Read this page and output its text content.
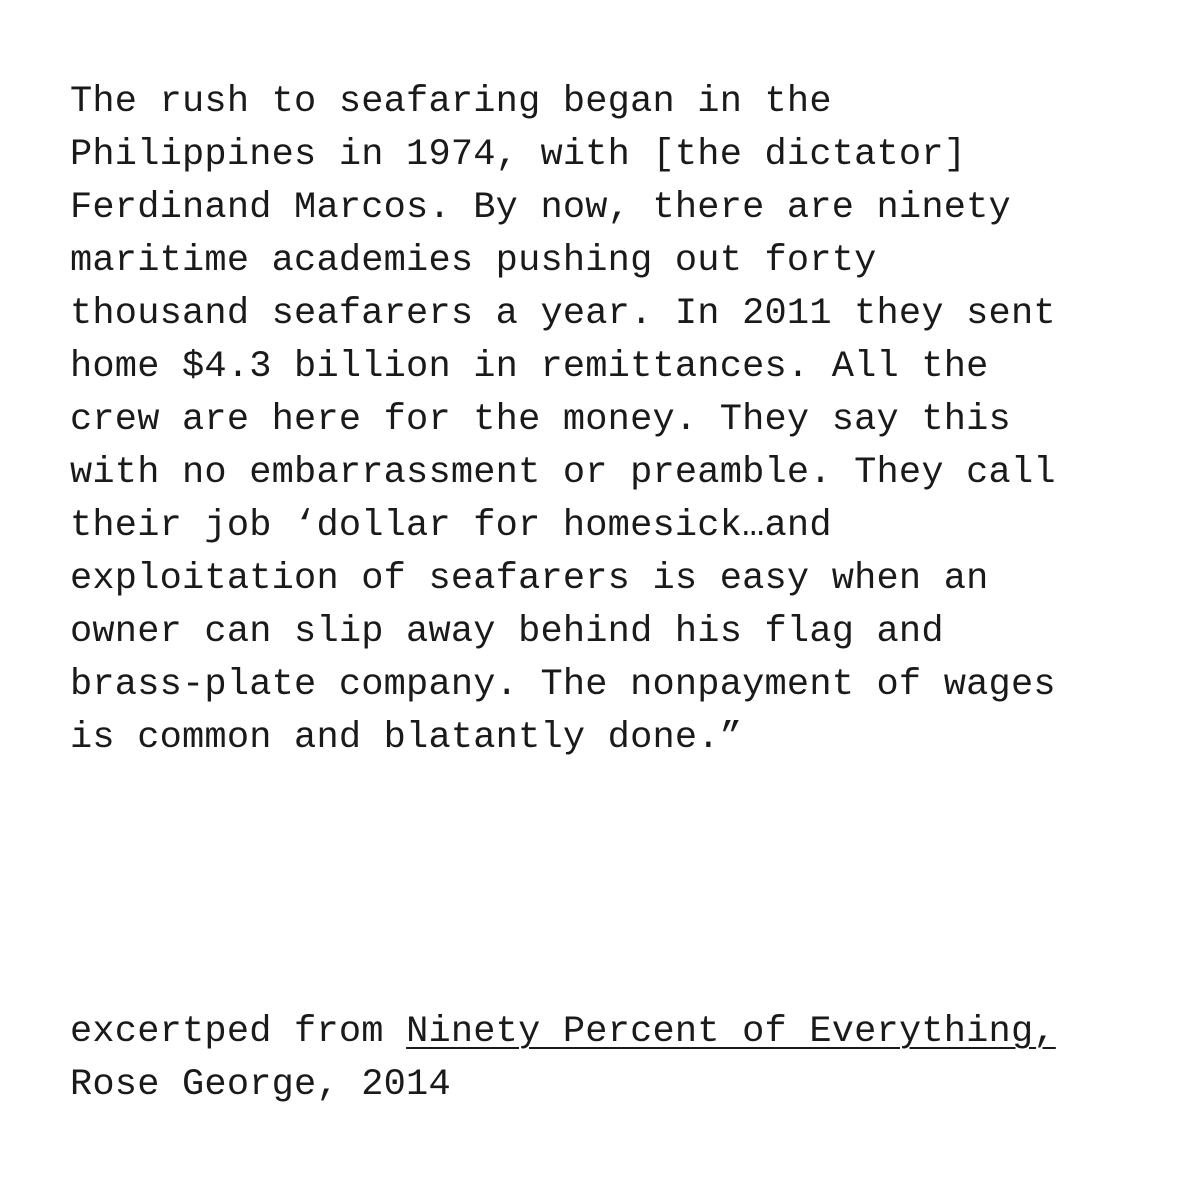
The rush to seafaring began in the
Philippines in 1974, with [the dictator]
Ferdinand Marcos. By now, there are ninety
maritime academies pushing out forty
thousand seafarers a year. In 2011 they sent
home $4.3 billion in remittances. All the
crew are here for the money. They say this
with no embarrassment or preamble. They call
their job ‘dollar for homesick…and
exploitation of seafarers is easy when an
owner can slip away behind his flag and
brass-plate company. The nonpayment of wages
is common and blatantly done.”
excertped from Ninety Percent of Everything,
Rose George, 2014
